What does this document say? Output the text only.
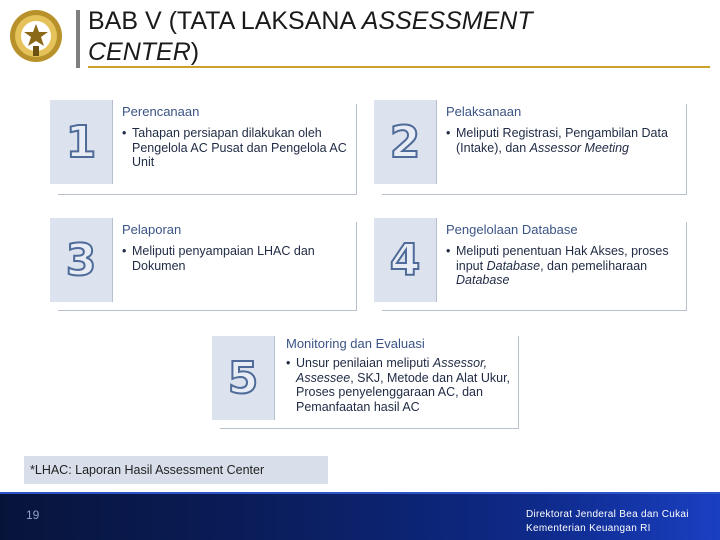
BAB V (TATA LAKSANA ASSESSMENT CENTER)
1
Perencanaan
• Tahapan persiapan dilakukan oleh Pengelola AC Pusat dan Pengelola AC Unit	2
Pelaksanaan
• Meliputi Registrasi, Pengambilan Data (Intake), dan Assessor Meeting
3
Pelaporan
• Meliputi penyampaian LHAC dan Dokumen	4
Pengelolaan Database
• Meliputi penentuan Hak Akses, proses input Database, dan pemeliharaan Database
5
Monitoring dan Evaluasi
• Unsur penilaian meliputi Assessor, Assessee, SKJ, Metode dan Alat Ukur, Proses penyelenggaraan AC, dan Pemanfaatan hasil AC
*LHAC: Laporan Hasil Assessment Center
19	Direktorat Jenderal Bea dan Cukai
Kementerian Keuangan RI
